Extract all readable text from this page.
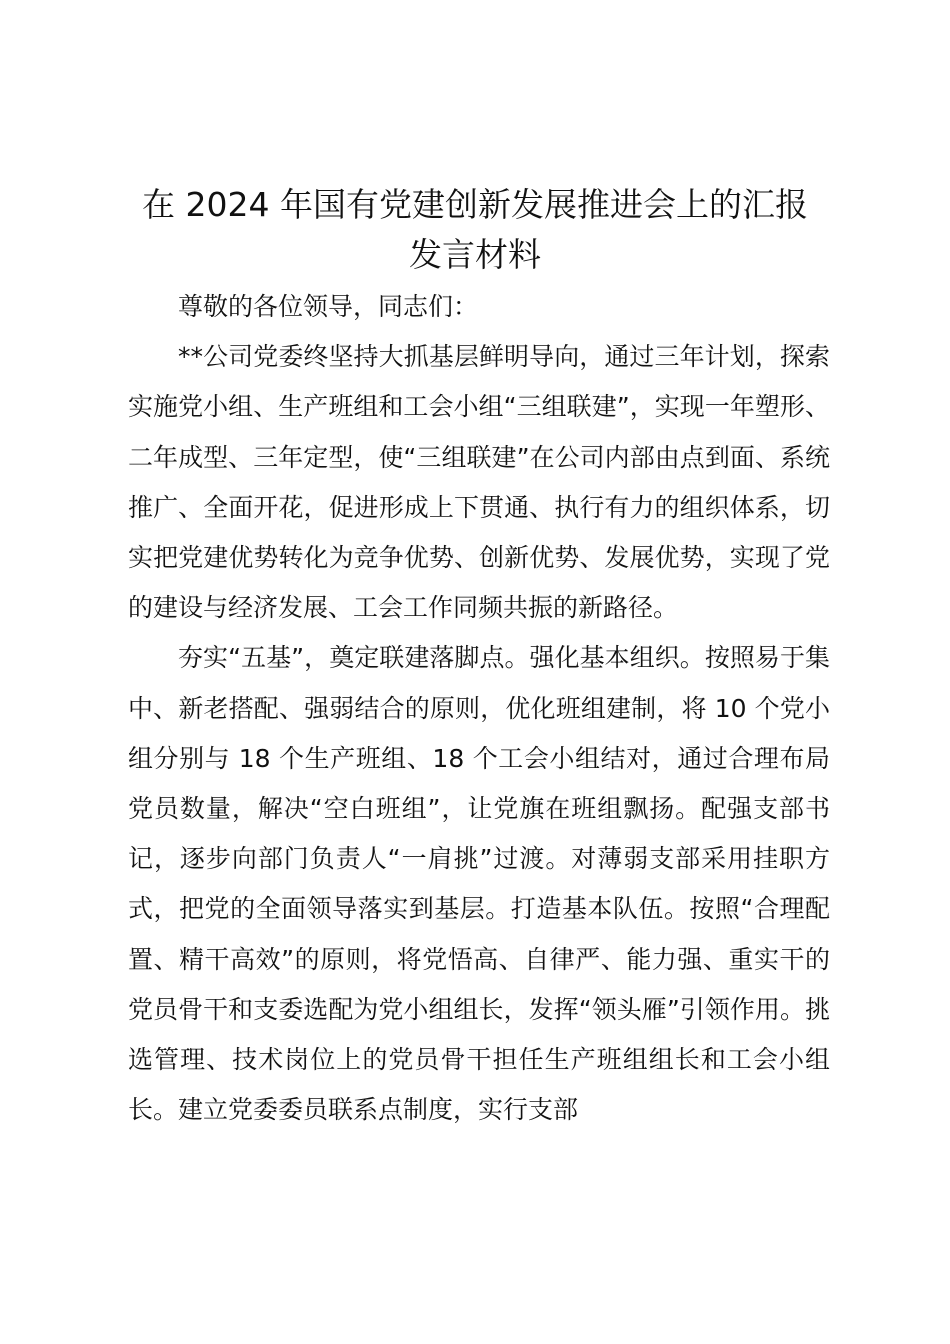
在 2024 年国有党建创新发展推进会上的汇报
发言材料

尊敬的各位领导，同志们：

**公司党委终坚持大抓基层鲜明导向，通过三年计划，探索实施党小组、生产班组和工会小组“三组联建”，实现一年塑形、二年成型、三年定型，使“三组联建”在公司内部由点到面、系统推广、全面开花，促进形成上下贯通、执行有力的组织体系，切实把党建优势转化为竞争优势、创新优势、发展优势，实现了党的建设与经济发展、工会工作同频共振的新路径。

夯实“五基”，奠定联建落脚点。强化基本组织。按照易于集中、新老搭配、强弱结合的原则，优化班组建制，将 10 个党小组分别与 18 个生产班组、18 个工会小组结对，通过合理布局党员数量，解决“空白班组”，让党旗在班组飘扬。配强支部书记，逐步向部门负责人“一肩挑”过渡。对薄弱支部采用挂职方式，把党的全面领导落实到基层。打造基本队伍。按照“合理配置、精干高效”的原则，将党悟高、自律严、能力强、重实干的党员骨干和支委选配为党小组组长，发挥“领头雁”引领作用。挑选管理、技术岗位上的党员骨干担任生产班组组长和工会小组长。建立党委委员联系点制度，实行支部
